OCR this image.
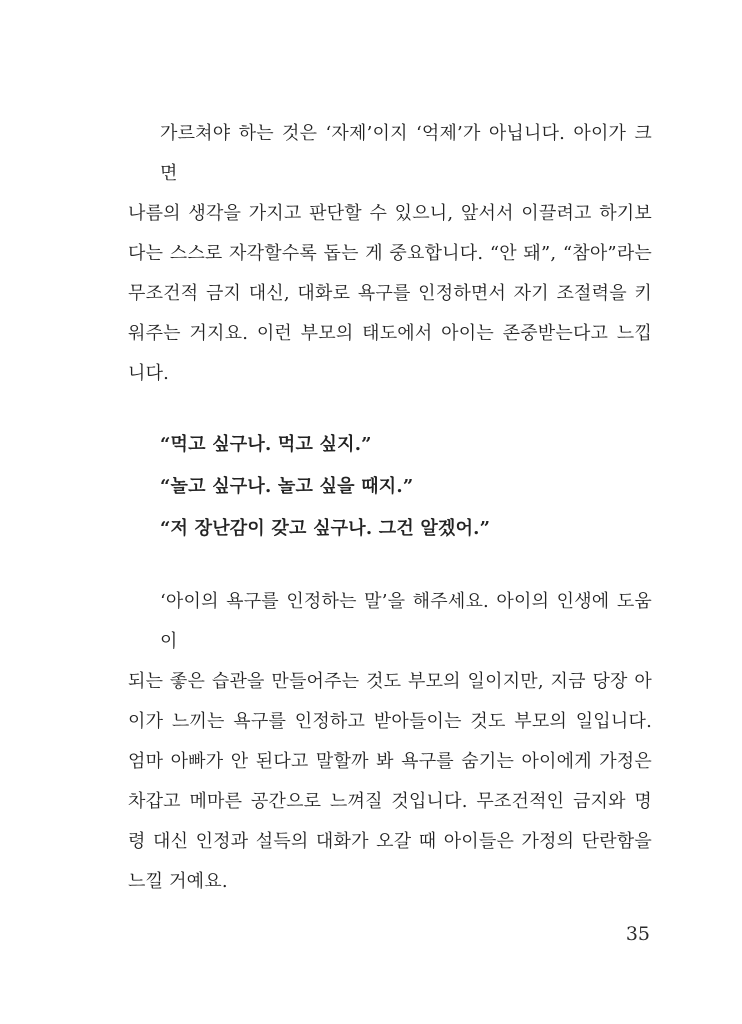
가르쳐야 하는 것은 ‘자제’이지 ‘억제’가 아닙니다. 아이가 크면
나름의 생각을 가지고 판단할 수 있으니, 앞서서 이끌려고 하기보
다는 스스로 자각할수록 돕는 게 중요합니다. “안 돼”, “참아”라는
무조건적 금지 대신, 대화로 욕구를 인정하면서 자기 조절력을 키
워주는 거지요. 이런 부모의 태도에서 아이는 존중받는다고 느낍
니다.
“먹고 싶구나. 먹고 싶지.”
“놀고 싶구나. 놀고 싶을 때지.”
“저 장난감이 갖고 싶구나. 그건 알겠어.”
‘아이의 욕구를 인정하는 말’을 해주세요. 아이의 인생에 도움이
되는 좋은 습관을 만들어주는 것도 부모의 일이지만, 지금 당장 아
이가 느끼는 욕구를 인정하고 받아들이는 것도 부모의 일입니다.
엄마 아빠가 안 된다고 말할까 봐 욕구를 숨기는 아이에게 가정은
차갑고 메마른 공간으로 느껴질 것입니다. 무조건적인 금지와 명
령 대신 인정과 설득의 대화가 오갈 때 아이들은 가정의 단란함을
느낄 거예요.
35
